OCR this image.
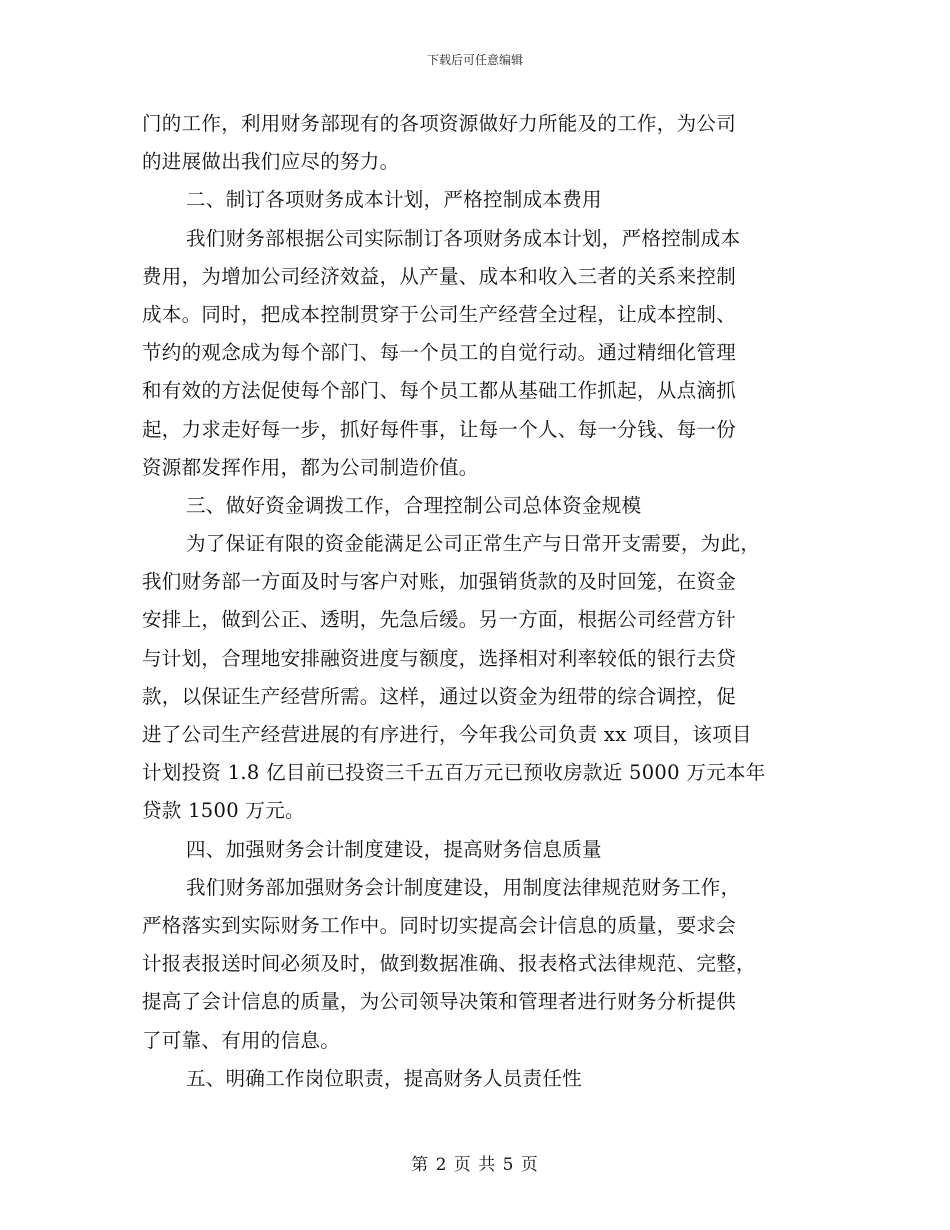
下载后可任意编辑
门的工作，利用财务部现有的各项资源做好力所能及的工作，为公司
的进展做出我们应尽的努力。
二、制订各项财务成本计划，严格控制成本费用
我们财务部根据公司实际制订各项财务成本计划，严格控制成本
费用，为增加公司经济效益，从产量、成本和收入三者的关系来控制
成本。同时，把成本控制贯穿于公司生产经营全过程，让成本控制、
节约的观念成为每个部门、每一个员工的自觉行动。通过精细化管理
和有效的方法促使每个部门、每个员工都从基础工作抓起，从点滴抓
起，力求走好每一步，抓好每件事，让每一个人、每一分钱、每一份
资源都发挥作用，都为公司制造价值。
三、做好资金调拨工作，合理控制公司总体资金规模
为了保证有限的资金能满足公司正常生产与日常开支需要，为此，
我们财务部一方面及时与客户对账，加强销货款的及时回笼，在资金
安排上，做到公正、透明，先急后缓。另一方面，根据公司经营方针
与计划，合理地安排融资进度与额度，选择相对利率较低的银行去贷
款，以保证生产经营所需。这样，通过以资金为纽带的综合调控，促
进了公司生产经营进展的有序进行，今年我公司负责 xx 项目，该项目
计划投资 1.8 亿目前已投资三千五百万元已预收房款近 5000 万元本年
贷款 1500 万元。
四、加强财务会计制度建设，提高财务信息质量
我们财务部加强财务会计制度建设，用制度法律规范财务工作，
严格落实到实际财务工作中。同时切实提高会计信息的质量，要求会
计报表报送时间必须及时，做到数据准确、报表格式法律规范、完整，
提高了会计信息的质量，为公司领导决策和管理者进行财务分析提供
了可靠、有用的信息。
五、明确工作岗位职责，提高财务人员责任性
第 2 页 共 5 页
